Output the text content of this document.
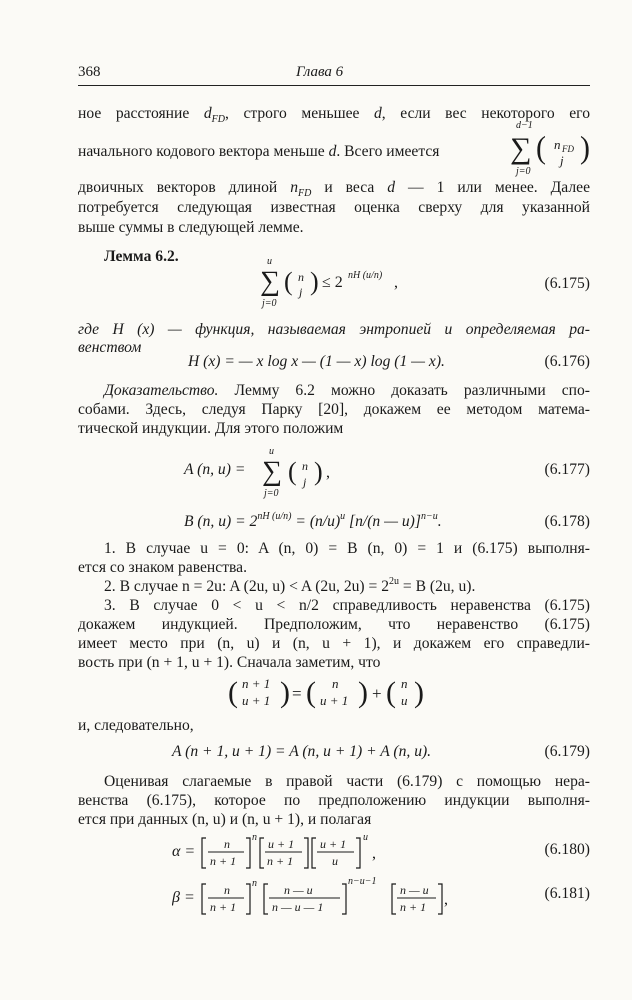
368	Глава 6
ное расстояние $d_{FD}$, строго меньшее d, если вес некоторого его
начального кодового вектора меньше d. Всего имеется
d−1
∑
j=0
( n FD
j )
двоичных векторов длиной $n_{FD}$ и веса d — 1 или менее. Далее
потребуется следующая известная оценка сверху для указанной
выше суммы в следующей лемме.
Лемма 6.2.	u
∑
j=0
( n
j ) ≤ 2 nH (u/n) ,	(6.175)
где H (x) — функция, называемая энтропией и определяемая ра-
венством
H (x) = — x log x — (1 — x) log (1 — x).	(6.176)
Доказательство. Лемму 6.2 можно доказать различными спо-
собами. Здесь, следуя Парку [20], докажем ее методом матема-
тической индукции. Для этого положим
A (n, u) =
u
∑
j=0
( n
j ) ,	(6.177)
B (n, $u) = 2^{nH (u/n)} = (n/u)^u$ [n/(n — u)]$^{n-u}$.	(6.178)
1. В случае u = 0: A (n, 0) = B (n, 0) = 1 и (6.175) выполня-
ется со знаком равенства.
2. В случае n = 2u: A (2u, u) < A (2u, $2u) = 2^{2u} = B$ (2u, u).
3. В случае 0 < u < n/2 справедливость неравенства (6.175)
докажем индукцией. Предположим, что неравенство (6.175)
имеет место при (n, u) и (n, u + 1), и докажем его справедли-
вость при (n + 1, u + 1). Сначала заметим, что
( n + 1
u + 1 ) = ( n
u + 1 ) + ( n
u )
и, следовательно,
A (n + 1, u + 1) = A (n, u + 1) + A (n, u).	(6.179)
Оценивая слагаемые в правой части (6.179) с помощью нера-
венства (6.175), которое по предположению индукции выполня-
ется при данных (n, u) и (n, u + 1), и полагая
α = n
n + 1
n u + 1
n + 1
u + 1
u
u
,	(6.180)
β = n
n + 1
n n — u
n — u — 1
n−u−1
n — u
n + 1 ,	(6.181)
